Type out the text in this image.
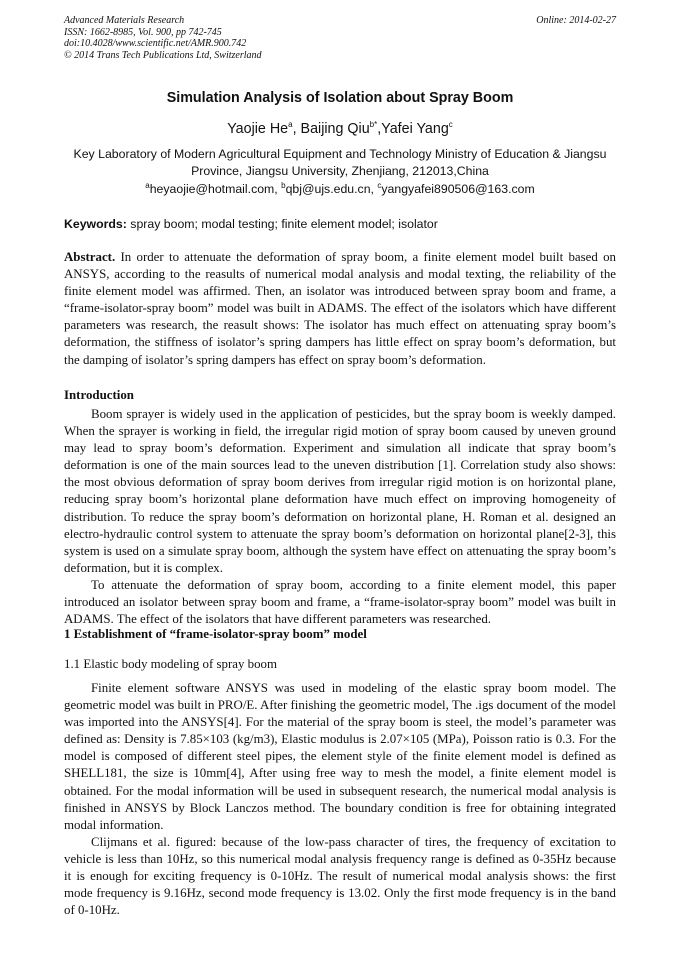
Advanced Materials Research
ISSN: 1662-8985, Vol. 900, pp 742-745
doi:10.4028/www.scientific.net/AMR.900.742
© 2014 Trans Tech Publications Ltd, Switzerland
Online: 2014-02-27
Simulation Analysis of Isolation about Spray Boom
Yaojie He$^a$, Baijing Qiu$^{b*}$,Yafei Yang$^c$
Key Laboratory of Modern Agricultural Equipment and Technology Ministry of Education & Jiangsu Province, Jiangsu University, Zhenjiang, 212013,China
$^a$heyaojie@hotmail.com, $^b$qbj@ujs.edu.cn, $^c$yangyafei890506@163.com
Keywords: spray boom; modal testing; finite element model; isolator
Abstract. In order to attenuate the deformation of spray boom, a finite element model built based on ANSYS, according to the reasults of numerical modal analysis and modal texting, the reliability of the finite element model was affirmed. Then, an isolator was introduced between spray boom and frame, a “frame-isolator-spray boom” model was built in ADAMS. The effect of the isolators which have different parameters was research, the reasult shows: The isolator has much effect on attenuating spray boom’s deformation, the stiffness of isolator’s spring dampers has little effect on spray boom’s deformation, but the damping of isolator’s spring dampers has effect on spray boom’s deformation.
Introduction

Boom sprayer is widely used in the application of pesticides, but the spray boom is weekly damped. When the sprayer is working in field, the irregular rigid motion of spray boom caused by uneven ground may lead to spray boom’s deformation. Experiment and simulation all indicate that spray boom’s deformation is one of the main sources lead to the uneven distribution [1]. Correlation study also shows: the most obvious deformation of spray boom derives from irregular rigid motion is on horizontal plane, reducing spray boom’s horizontal plane deformation have much effect on improving homogeneity of distribution. To reduce the spray boom’s deformation on horizontal plane, H. Roman et al. designed an electro-hydraulic control system to attenuate the spray boom’s deformation on horizontal plane[2-3], this system is used on a simulate spray boom, although the system have effect on attenuating the spray boom’s deformation, but it is complex.

To attenuate the deformation of spray boom, according to a finite element model, this paper introduced an isolator between spray boom and frame, a “frame-isolator-spray boom” model was built in ADAMS. The effect of the isolators that have different parameters was researched.

1 Establishment of “frame-isolator-spray boom” model
1.1 Elastic body modeling of spray boom

Finite element software ANSYS was used in modeling of the elastic spray boom model. The geometric model was built in PRO/E. After finishing the geometric model, The .igs document of the model was imported into the ANSYS[4]. For the material of the spray boom is steel, the model’s parameter was defined as: Density is 7.85×103 (kg/m3), Elastic modulus is 2.07×105 (MPa), Poisson ratio is 0.3. For the model is composed of different steel pipes, the element style of the finite element model is defined as SHELL181, the size is 10mm[4], After using free way to mesh the model, a finite element model is obtained. For the modal information will be used in subsequent research, the numerical modal analysis is finished in ANSYS by Block Lanczos method. The boundary condition is free for obtaining integrated modal information.

Clijmans et al. figured: because of the low-pass character of tires, the frequency of excitation to vehicle is less than 10Hz, so this numerical modal analysis frequency range is defined as 0-35Hz because it is enough for exciting frequency is 0-10Hz. The result of numerical modal analysis shows: the first mode frequency is 9.16Hz, second mode frequency is 13.02. Only the first mode frequency is in the band of 0-10Hz.
